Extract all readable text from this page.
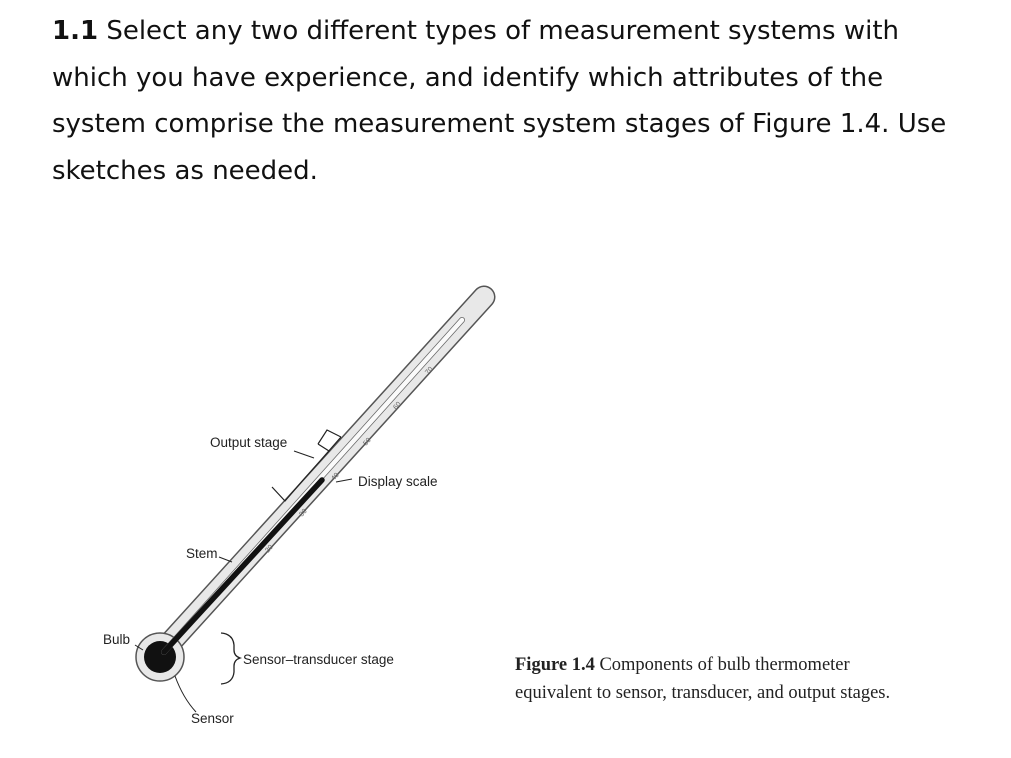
1.1 Select any two different types of measurement systems with which you have experience, and identify which attributes of the system comprise the measurement system stages of Figure 1.4. Use sketches as needed.
20
30
40
50
60
70
Output stage
Display scale
Stem
Bulb
Sensor–transducer stage
Sensor
Figure 1.4 Components of bulb thermometer equivalent to sensor, transducer, and output stages.
